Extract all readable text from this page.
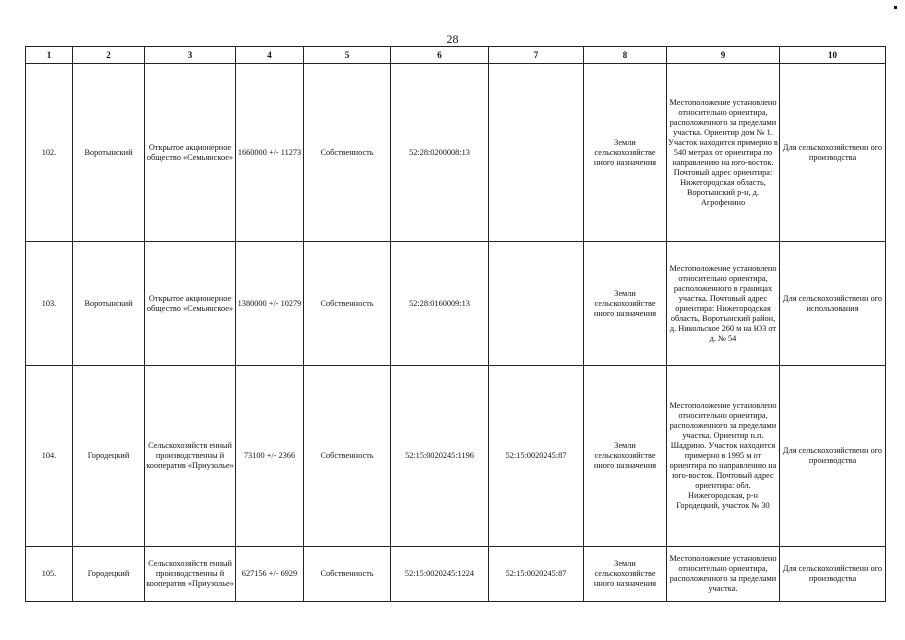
28
1	2	3	4	5	6	7	8	9	10
102.	Воротынский	Открытое акционерное общество «Семьянское»	1660000 +/- 11273	Собственность	52:28:0200008:13		Земли сельскохозяйстве нного назначения	Местоположение установлено относительно ориентира, расположенного за пределами участка. Ориентир дом № 1. Участок находится примерно в 540 метрах от ориентира по направлению на юго-восток. Почтовый адрес ориентира: Нижегородская область, Воротынский р-н, д. Агрофенино	Для сельскохозяйственн ого производства
103.	Воротынский	Открытое акционерное общество «Семьянское»	1380000 +/- 10279	Собственность	52:28:0160009:13		Земли сельскохозяйстве нного назначения	Местоположение установлено относительно ориентира, расположенного в границах участка. Почтовый адрес ориентира: Нижегородская область, Воротынский район, д. Никольское 260 м на ЮЗ от д. № 54	Для сельскохозяйственн ого использования
104.	Городецкий	Сельскохозяйств енный производственны й кооператив «Приузолье»	73100 +/- 2366	Собственность	52:15:0020245:1196	52:15:0020245:87	Земли сельскохозяйстве нного назначения	Местоположение установлено относительно ориентира, расположенного за пределами участка. Ориентир н.п. Шадрино. Участок находится примерно в 1995 м от ориентира по направлению на юго-восток. Почтовый адрес ориентира: обл. Нижегородская, р-н Городецкий, участок № 30	Для сельскохозяйственн ого производства
105.	Городецкий	Сельскохозяйств енный производственны й кооператив «Приузолье»	627156 +/- 6929	Собственность	52:15:0020245:1224	52:15:0020245:87	Земли сельскохозяйстве нного назначения	Местоположение установлено относительно ориентира, расположенного за пределами участка.	Для сельскохозяйственн ого производства
